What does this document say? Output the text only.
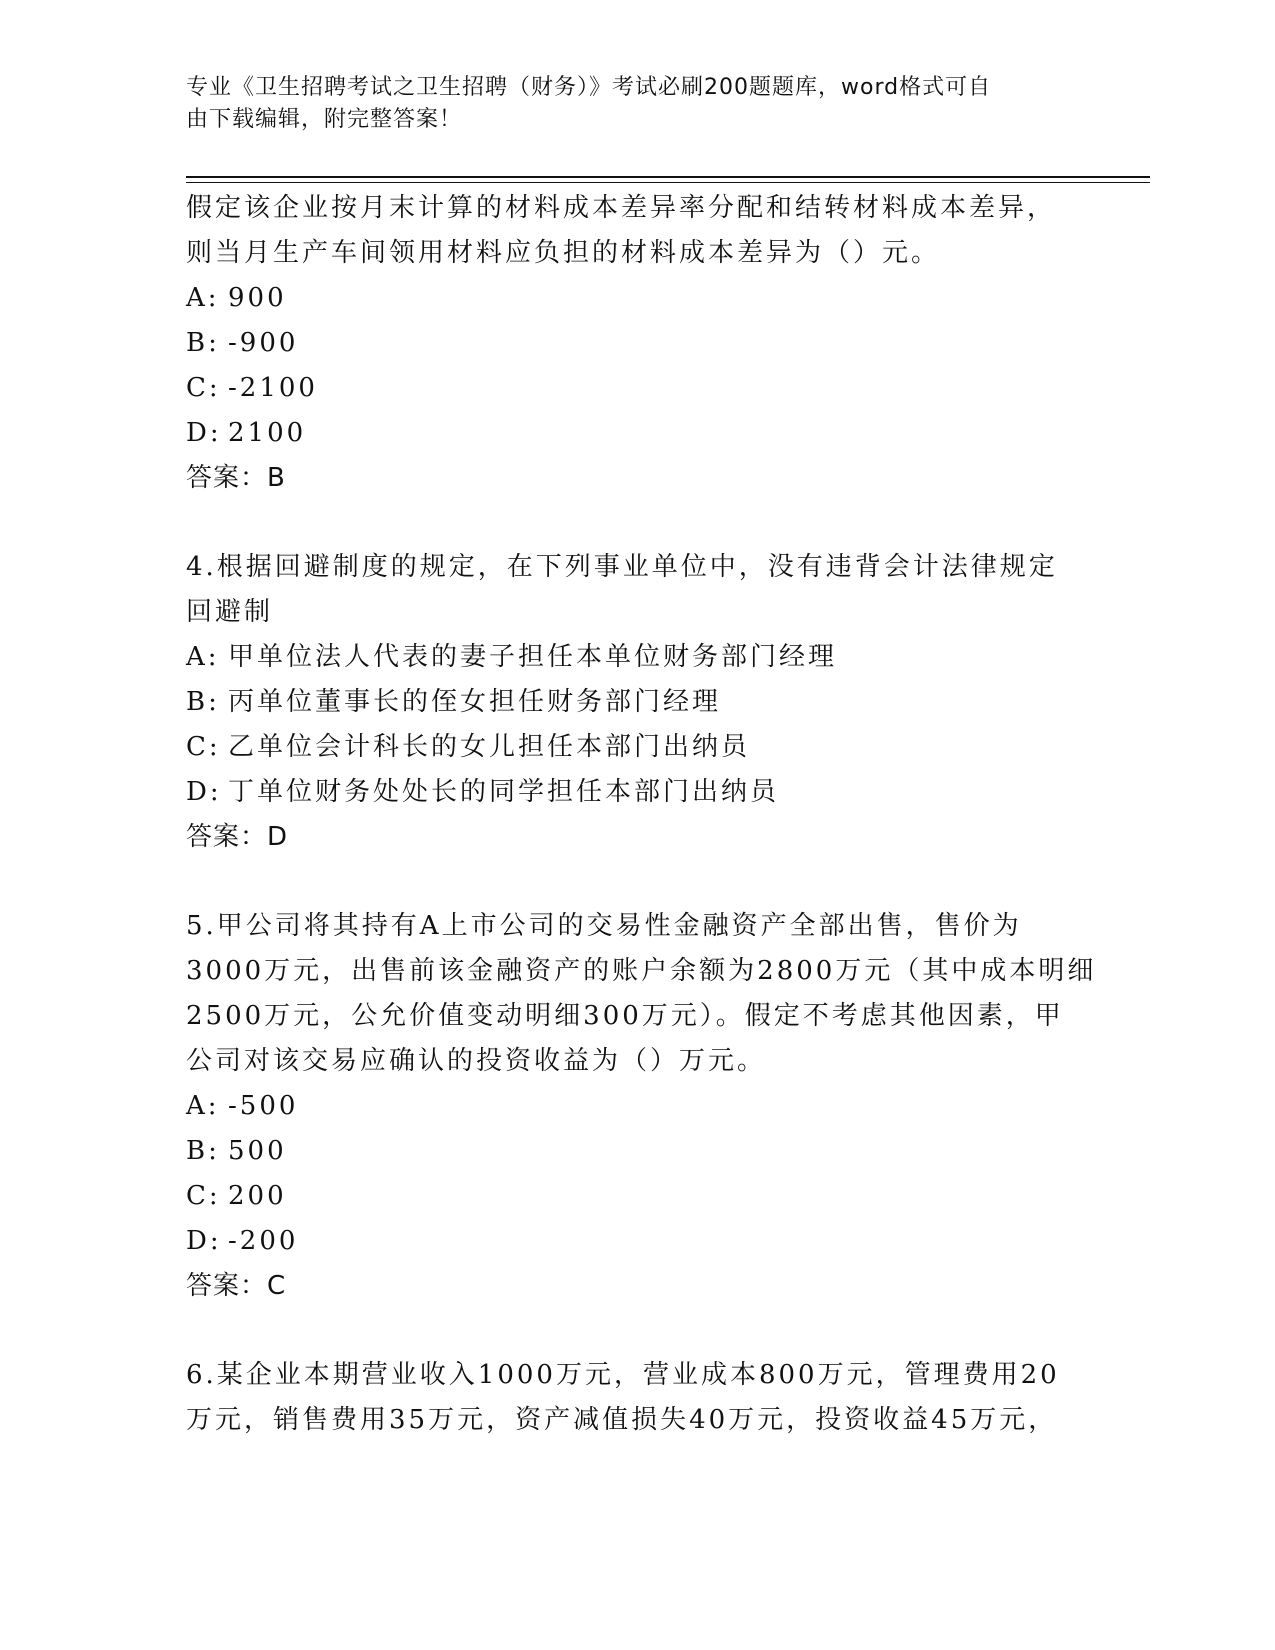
专业《卫生招聘考试之卫生招聘（财务）》考试必刷200题题库，word格式可自
由下载编辑，附完整答案！
假定该企业按月末计算的材料成本差异率分配和结转材料成本差异，
则当月生产车间领用材料应负担的材料成本差异为（）元。
A: 900
B: -900
C: -2100
D: 2100
答案：B
4.根据回避制度的规定，在下列事业单位中，没有违背会计法律规定
回避制
A: 甲单位法人代表的妻子担任本单位财务部门经理
B: 丙单位董事长的侄女担任财务部门经理
C: 乙单位会计科长的女儿担任本部门出纳员
D: 丁单位财务处处长的同学担任本部门出纳员
答案：D
5.甲公司将其持有A上市公司的交易性金融资产全部出售，售价为
3000万元，出售前该金融资产的账户余额为2800万元（其中成本明细
2500万元，公允价值变动明细300万元）。假定不考虑其他因素，甲
公司对该交易应确认的投资收益为（）万元。
A: -500
B: 500
C: 200
D: -200
答案：C
6.某企业本期营业收入1000万元，营业成本800万元，管理费用20
万元，销售费用35万元，资产减值损失40万元，投资收益45万元，
